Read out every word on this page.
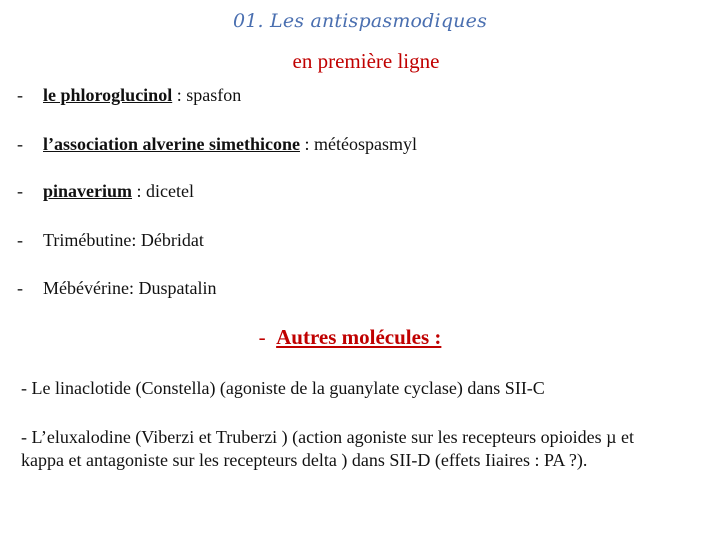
01. Les antispasmodiques
en première ligne
- le phloroglucinol : spasfon
- l’association alverine simethicone : météospasmyl
- pinaverium : dicetel
- Trimébutine: Débridat
- Mébévérine: Duspatalin
- Autres molécules :
- Le linaclotide (Constella) (agoniste de la guanylate cyclase) dans SII-C
- L’eluxalodine (Viberzi et Truberzi ) (action agoniste sur les recepteurs opioides µ et kappa et antagoniste sur les recepteurs delta ) dans SII-D (effets Iiaires : PA ?).
